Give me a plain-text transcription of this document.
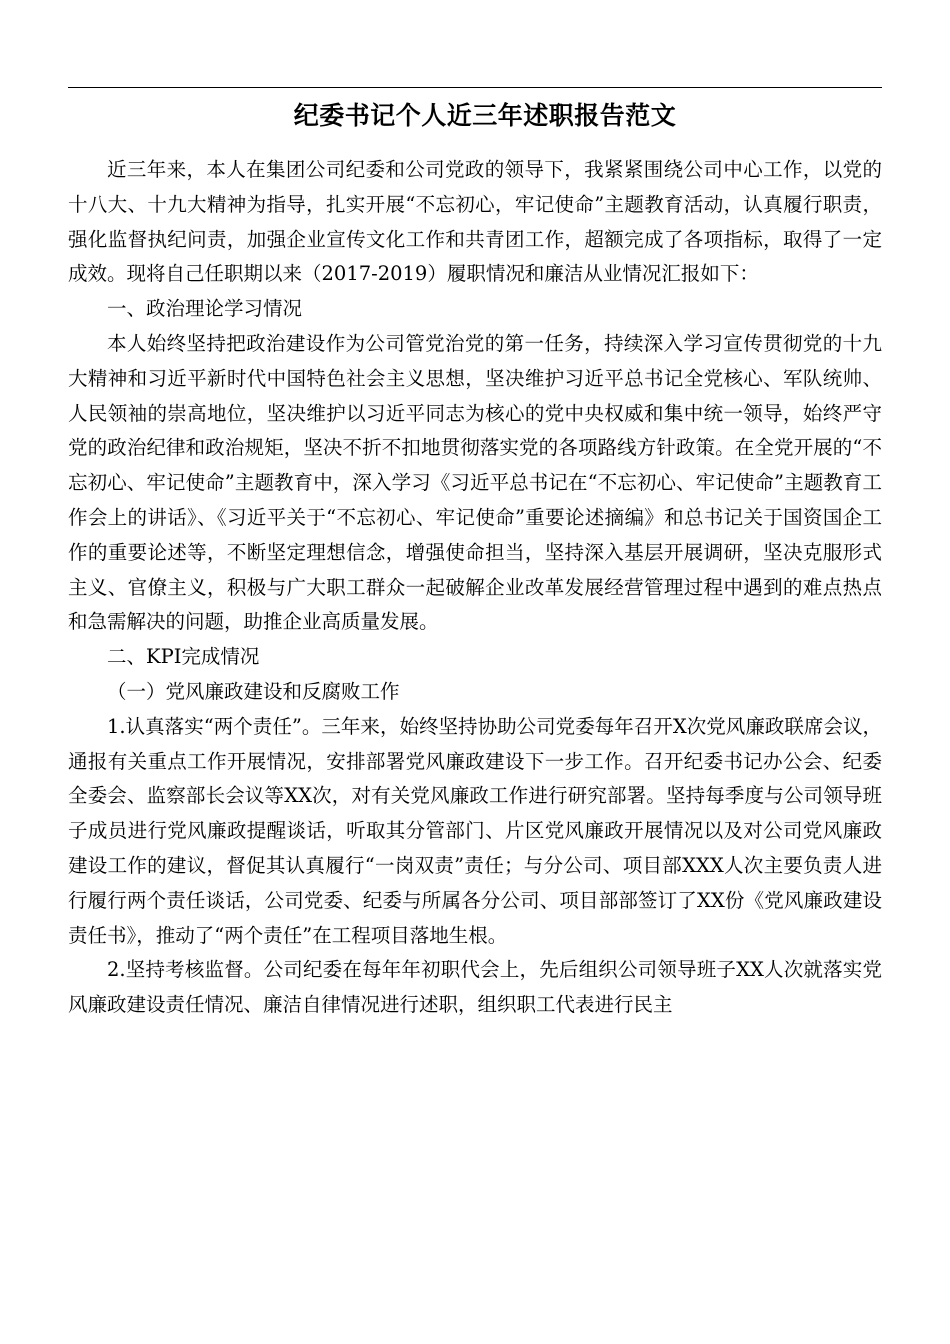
纪委书记个人近三年述职报告范文

近三年来，本人在集团公司纪委和公司党政的领导下，我紧紧围绕公司中心工作，以党的十八大、十九大精神为指导，扎实开展“不忘初心，牢记使命”主题教育活动，认真履行职责，强化监督执纪问责，加强企业宣传文化工作和共青团工作，超额完成了各项指标，取得了一定成效。现将自己任职期以来（2017-2019）履职情况和廉洁从业情况汇报如下：

一、政治理论学习情况

本人始终坚持把政治建设作为公司管党治党的第一任务，持续深入学习宣传贯彻党的十九大精神和习近平新时代中国特色社会主义思想，坚决维护习近平总书记全党核心、军队统帅、人民领袖的崇高地位，坚决维护以习近平同志为核心的党中央权威和集中统一领导，始终严守党的政治纪律和政治规矩，坚决不折不扣地贯彻落实党的各项路线方针政策。在全党开展的“不忘初心、牢记使命”主题教育中，深入学习《习近平总书记在“不忘初心、牢记使命”主题教育工作会上的讲话》、《习近平关于“不忘初心、牢记使命”重要论述摘编》和总书记关于国资国企工作的重要论述等，不断坚定理想信念，增强使命担当，坚持深入基层开展调研，坚决克服形式主义、官僚主义，积极与广大职工群众一起破解企业改革发展经营管理过程中遇到的难点热点和急需解决的问题，助推企业高质量发展。

二、KPI完成情况

（一）党风廉政建设和反腐败工作

1.认真落实“两个责任”。三年来，始终坚持协助公司党委每年召开X次党风廉政联席会议，通报有关重点工作开展情况，安排部署党风廉政建设下一步工作。召开纪委书记办公会、纪委全委会、监察部长会议等XX次，对有关党风廉政工作进行研究部署。坚持每季度与公司领导班子成员进行党风廉政提醒谈话，听取其分管部门、片区党风廉政开展情况以及对公司党风廉政建设工作的建议，督促其认真履行“一岗双责”责任；与分公司、项目部XXX人次主要负责人进行履行两个责任谈话，公司党委、纪委与所属各分公司、项目部部签订了XX份《党风廉政建设责任书》，推动了“两个责任”在工程项目落地生根。

2.坚持考核监督。公司纪委在每年年初职代会上，先后组织公司领导班子XX人次就落实党风廉政建设责任情况、廉洁自律情况进行述职，组织职工代表进行民主
